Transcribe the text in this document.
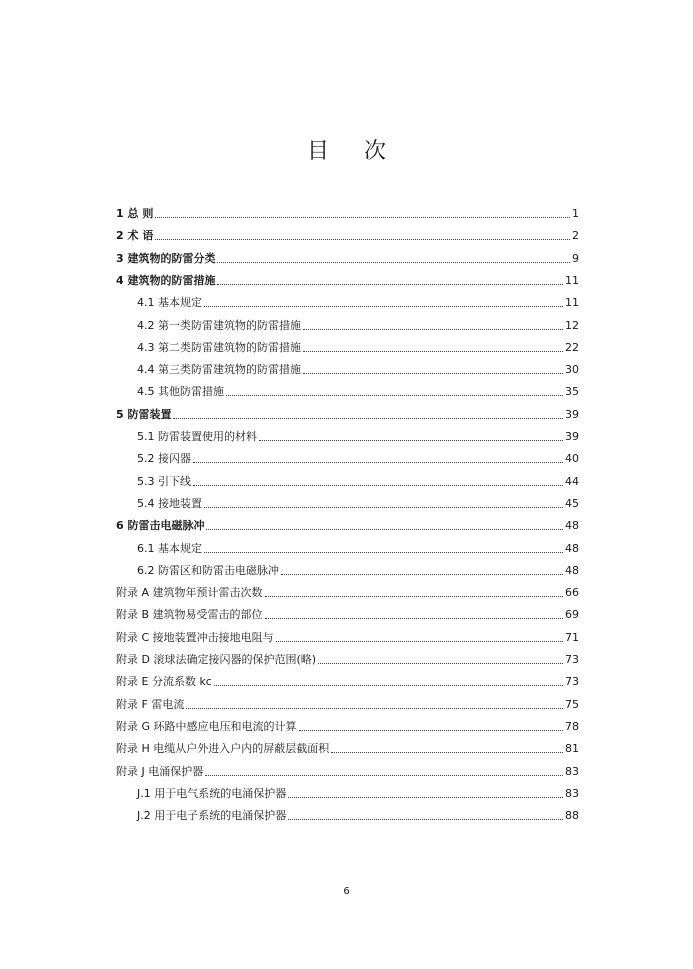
目 次
1 总 则	1
2 术 语	2
3 建筑物的防雷分类	9
4 建筑物的防雷措施	11
4.1 基本规定	11
4.2 第一类防雷建筑物的防雷措施	12
4.3 第二类防雷建筑物的防雷措施	22
4.4 第三类防雷建筑物的防雷措施	30
4.5 其他防雷措施	35
5 防雷装置	39
5.1 防雷装置使用的材料	39
5.2 接闪器	40
5.3 引下线	44
5.4 接地装置	45
6 防雷击电磁脉冲	48
6.1 基本规定	48
6.2 防雷区和防雷击电磁脉冲	48
附录 A 建筑物年预计雷击次数	66
附录 B 建筑物易受雷击的部位	69
附录 C 接地装置冲击接地电阻与	71
附录 D 滚球法确定接闪器的保护范围(略)	73
附录 E 分流系数 kc	73
附录 F 雷电流	75
附录 G 环路中感应电压和电流的计算	78
附录 H 电缆从户外进入户内的屏蔽层截面积	81
附录 J 电涌保护器	83
J.1 用于电气系统的电涌保护器	83
J.2 用于电子系统的电涌保护器	88
6
